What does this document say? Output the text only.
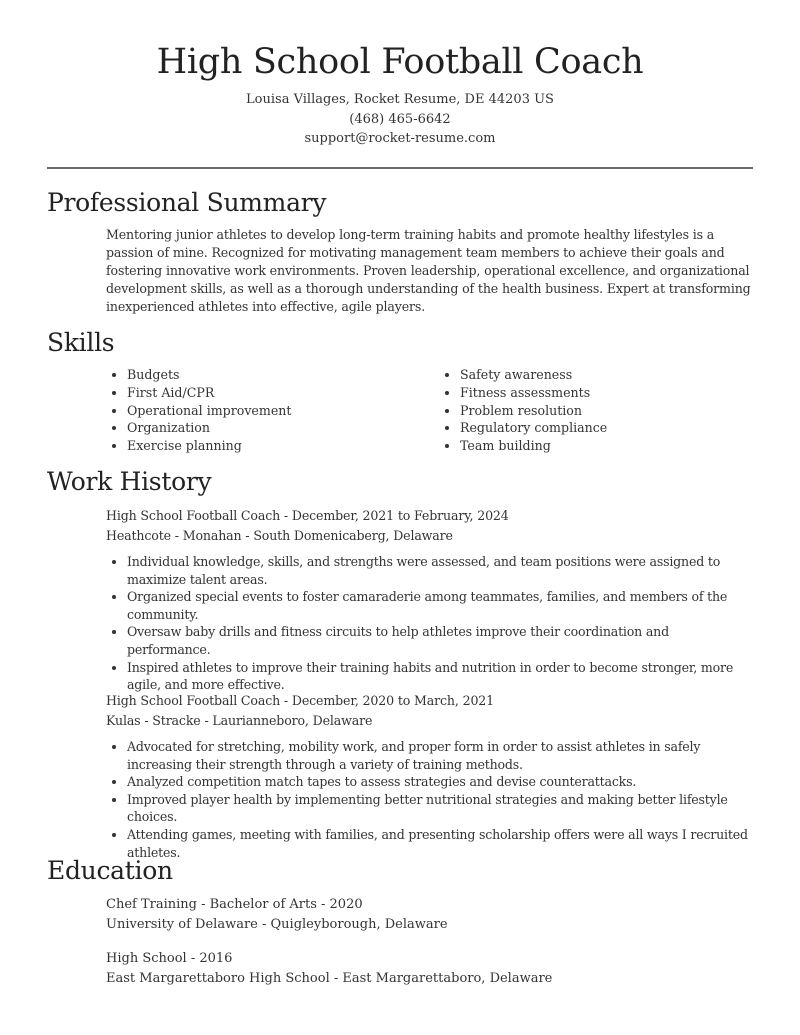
High School Football Coach
Louisa Villages, Rocket Resume, DE 44203 US
(468) 465-6642
support@rocket-resume.com
Professional Summary

Mentoring junior athletes to develop long-term training habits and promote healthy lifestyles is a passion of mine. Recognized for motivating management team members to achieve their goals and fostering innovative work environments. Proven leadership, operational excellence, and organizational development skills, as well as a thorough understanding of the health business. Expert at transforming inexperienced athletes into effective, agile players.

Skills
• Budgets
• First Aid/CPR
• Operational improvement
• Organization
• Exercise planning
• Safety awareness
• Fitness assessments
• Problem resolution
• Regulatory compliance
• Team building
Work History
High School Football Coach - December, 2021 to February, 2024
Heathcote - Monahan - South Domenicaberg, Delaware
• Individual knowledge, skills, and strengths were assessed, and team positions were assigned to maximize talent areas.
• Organized special events to foster camaraderie among teammates, families, and members of the community.
• Oversaw baby drills and fitness circuits to help athletes improve their coordination and performance.
• Inspired athletes to improve their training habits and nutrition in order to become stronger, more agile, and more effective.
High School Football Coach - December, 2020 to March, 2021
Kulas - Stracke - Laurianneboro, Delaware
• Advocated for stretching, mobility work, and proper form in order to assist athletes in safely increasing their strength through a variety of training methods.
• Analyzed competition match tapes to assess strategies and devise counterattacks.
• Improved player health by implementing better nutritional strategies and making better lifestyle choices.
• Attending games, meeting with families, and presenting scholarship offers were all ways I recruited athletes.
Education
Chef Training - Bachelor of Arts - 2020
University of Delaware - Quigleyborough, Delaware
High School - 2016
East Margarettaboro High School - East Margarettaboro, Delaware
